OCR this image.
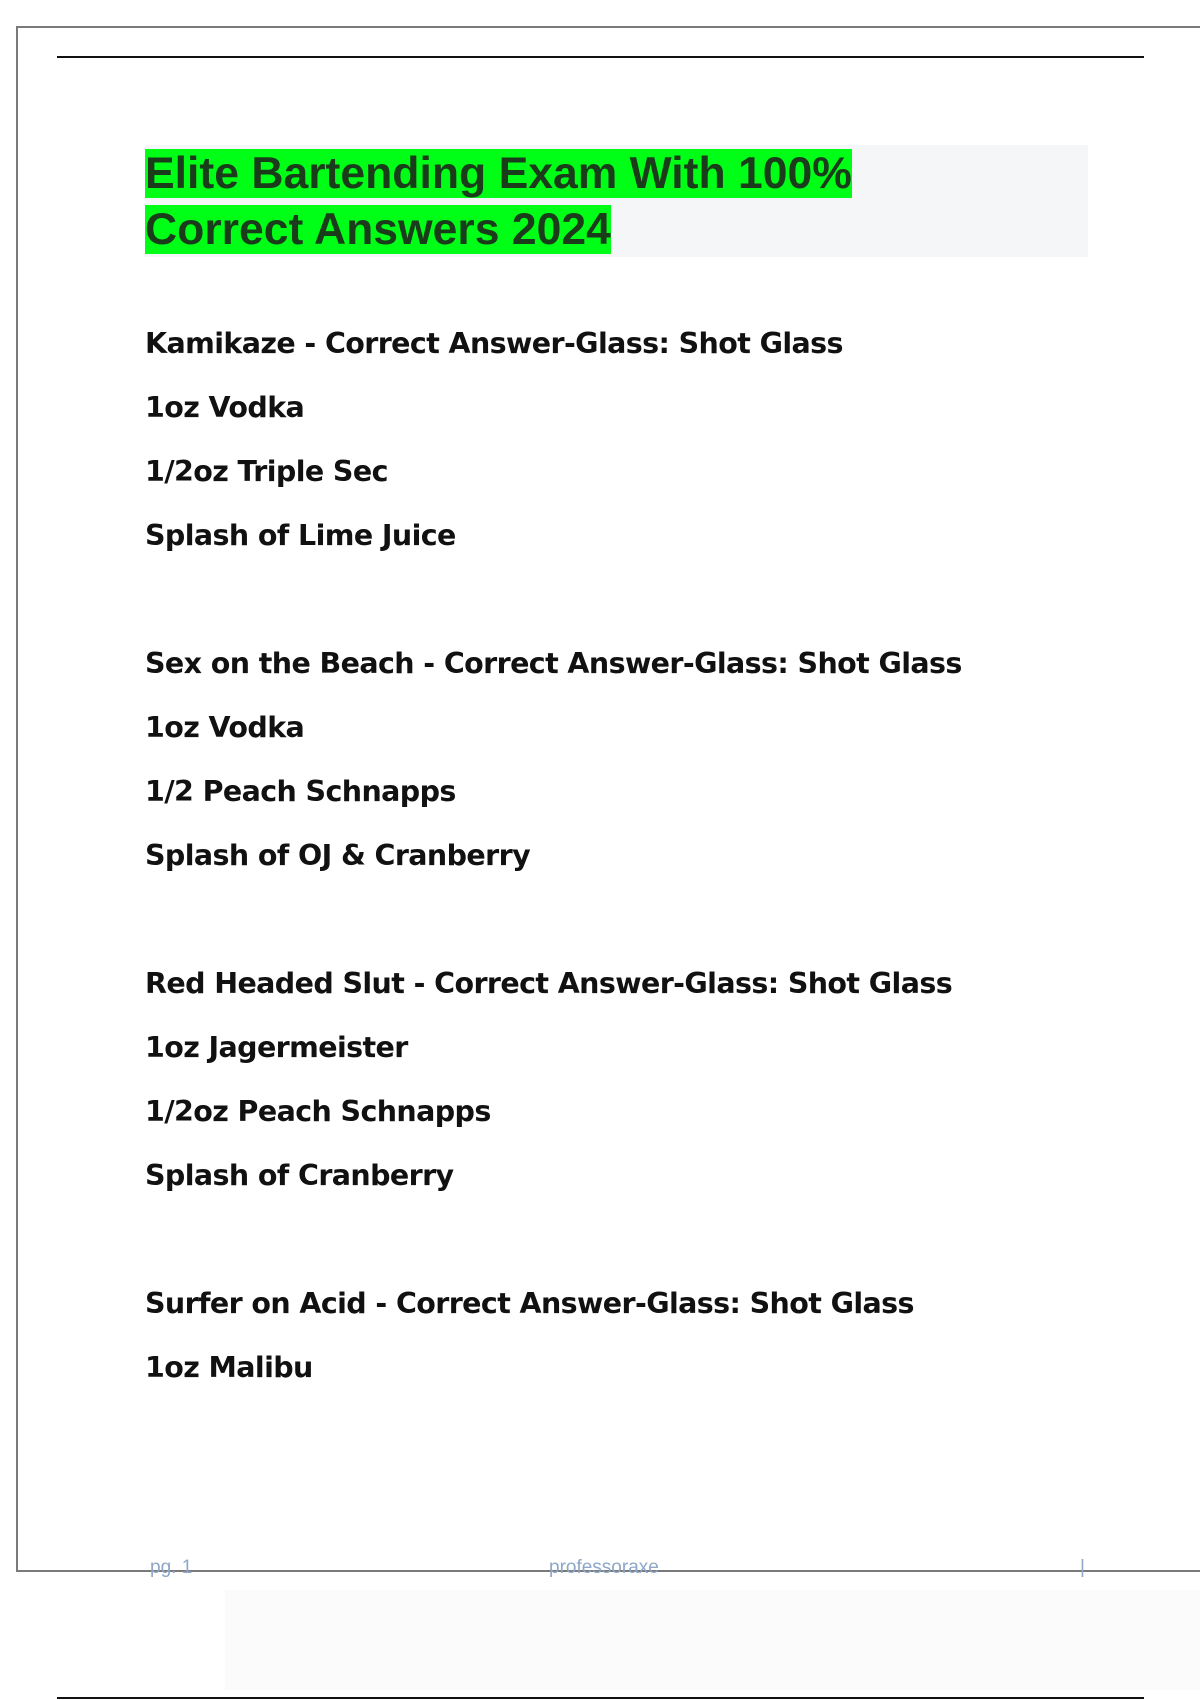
Elite Bartending Exam With 100%
Correct Answers 2024
Kamikaze - Correct Answer-Glass: Shot Glass
1oz Vodka
1/2oz Triple Sec
Splash of Lime Juice
Sex on the Beach - Correct Answer-Glass: Shot Glass
1oz Vodka
1/2 Peach Schnapps
Splash of OJ & Cranberry
Red Headed Slut - Correct Answer-Glass: Shot Glass
1oz Jagermeister
1/2oz Peach Schnapps
Splash of Cranberry
Surfer on Acid - Correct Answer-Glass: Shot Glass
1oz Malibu
pg. 1	professoraxe	|
